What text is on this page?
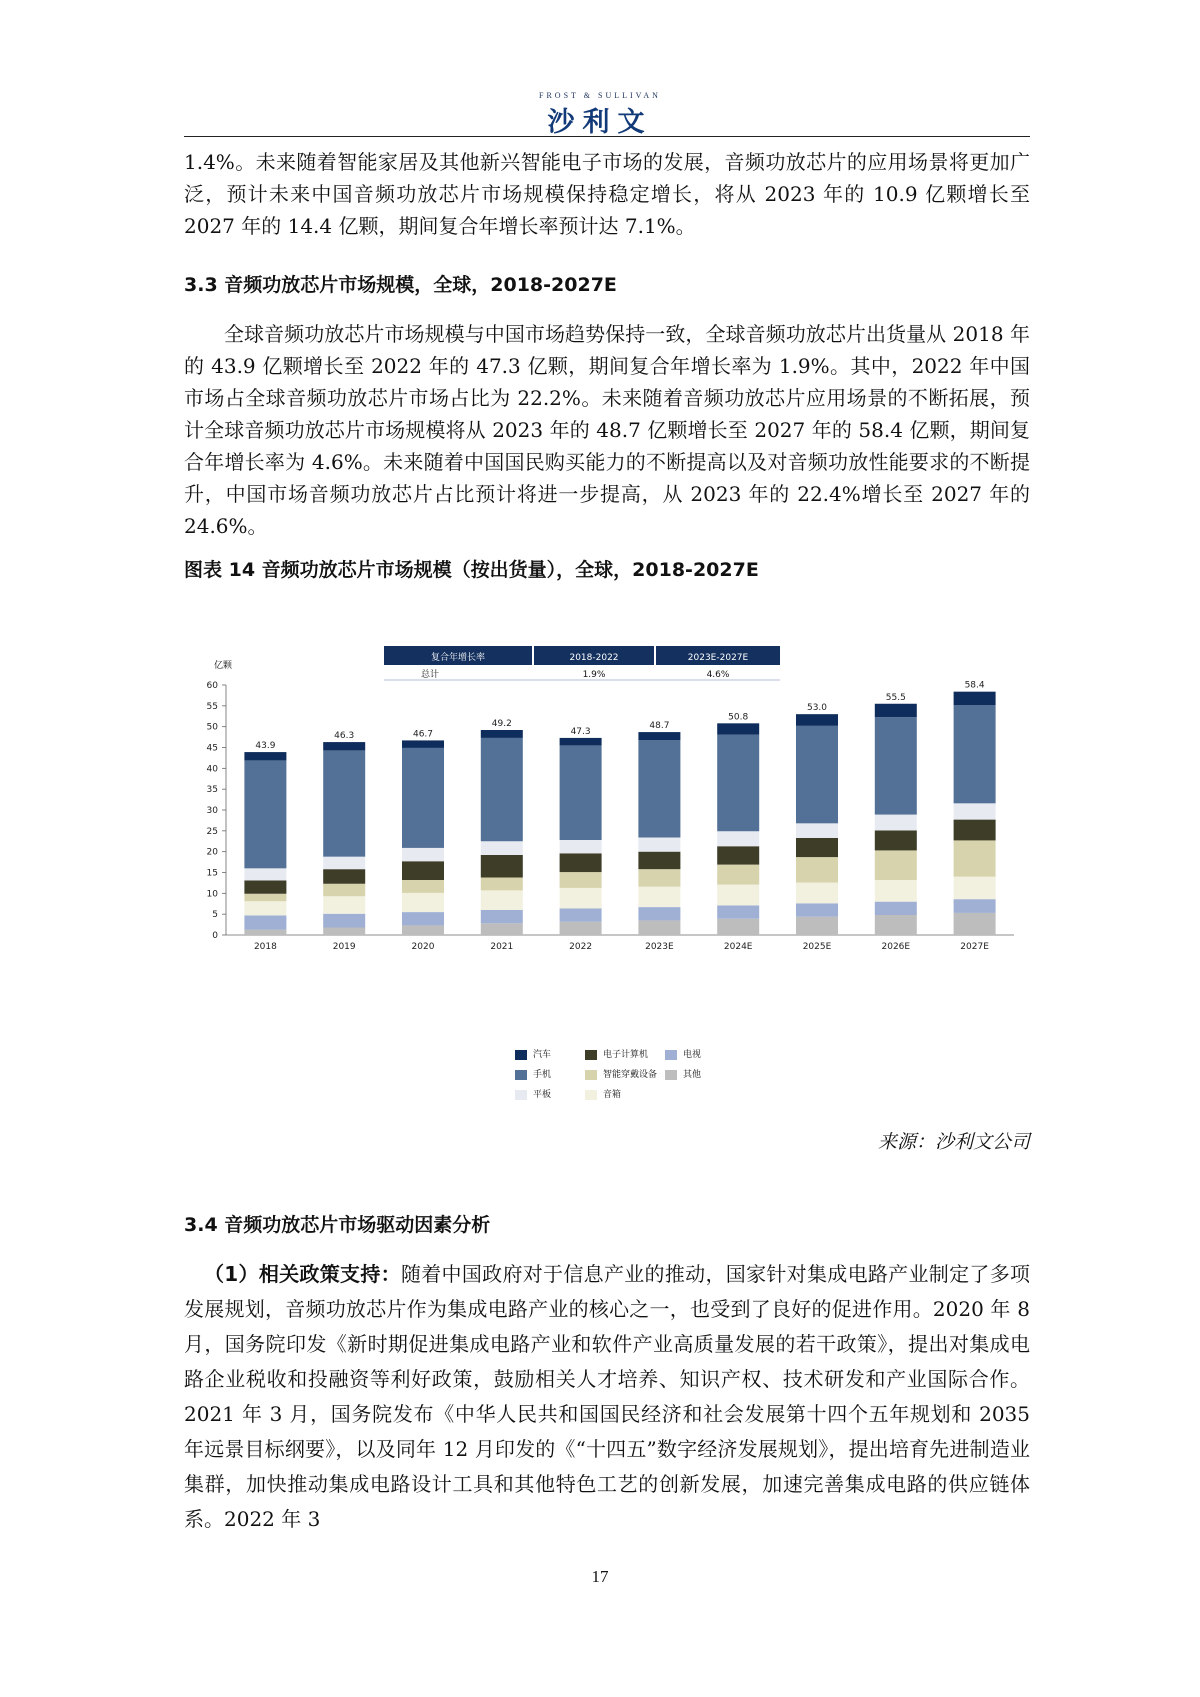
FROST & SULLIVAN
沙利文

1.4%。未来随着智能家居及其他新兴智能电子市场的发展，音频功放芯片的应用场景将更加广泛，预计未来中国音频功放芯片市场规模保持稳定增长，将从 2023 年的 10.9 亿颗增长至 2027 年的 14.4 亿颗，期间复合年增长率预计达 7.1%。

3.3 音频功放芯片市场规模，全球，2018-2027E

全球音频功放芯片市场规模与中国市场趋势保持一致，全球音频功放芯片出货量从 2018 年的 43.9 亿颗增长至 2022 年的 47.3 亿颗，期间复合年增长率为 1.9%。其中，2022 年中国市场占全球音频功放芯片市场占比为 22.2%。未来随着音频功放芯片应用场景的不断拓展，预计全球音频功放芯片市场规模将从 2023 年的 48.7 亿颗增长至 2027 年的 58.4 亿颗，期间复合年增长率为 4.6%。未来随着中国国民购买能力的不断提高以及对音频功放性能要求的不断提升，中国市场音频功放芯片占比预计将进一步提高，从 2023 年的 22.4%增长至 2027 年的 24.6%。

图表 14 音频功放芯片市场规模（按出货量），全球，2018-2027E
复合年增长率	2018-2022	2023E-2027E
总计	1.9%	4.6%
亿颗
0
5
10
15
20
25
30
35
40
45
50
55
60
43.9
2018
46.3
2019
46.7
2020
49.2
2021
47.3
2022
48.7
2023E
50.8
2024E
53.0
2025E
55.5
2026E
58.4
2027E
汽车	电子计算机	电视
手机	智能穿戴设备	其他
平板	音箱

来源：沙利文公司

3.4 音频功放芯片市场驱动因素分析

（1）相关政策支持：随着中国政府对于信息产业的推动，国家针对集成电路产业制定了多项发展规划，音频功放芯片作为集成电路产业的核心之一，也受到了良好的促进作用。2020 年 8 月，国务院印发《新时期促进集成电路产业和软件产业高质量发展的若干政策》，提出对集成电路企业税收和投融资等利好政策，鼓励相关人才培养、知识产权、技术研发和产业国际合作。2021 年 3 月，国务院发布《中华人民共和国国民经济和社会发展第十四个五年规划和 2035 年远景目标纲要》，以及同年 12 月印发的《“十四五”数字经济发展规划》，提出培育先进制造业集群，加快推动集成电路设计工具和其他特色工艺的创新发展，加速完善集成电路的供应链体系。2022 年 3

17
